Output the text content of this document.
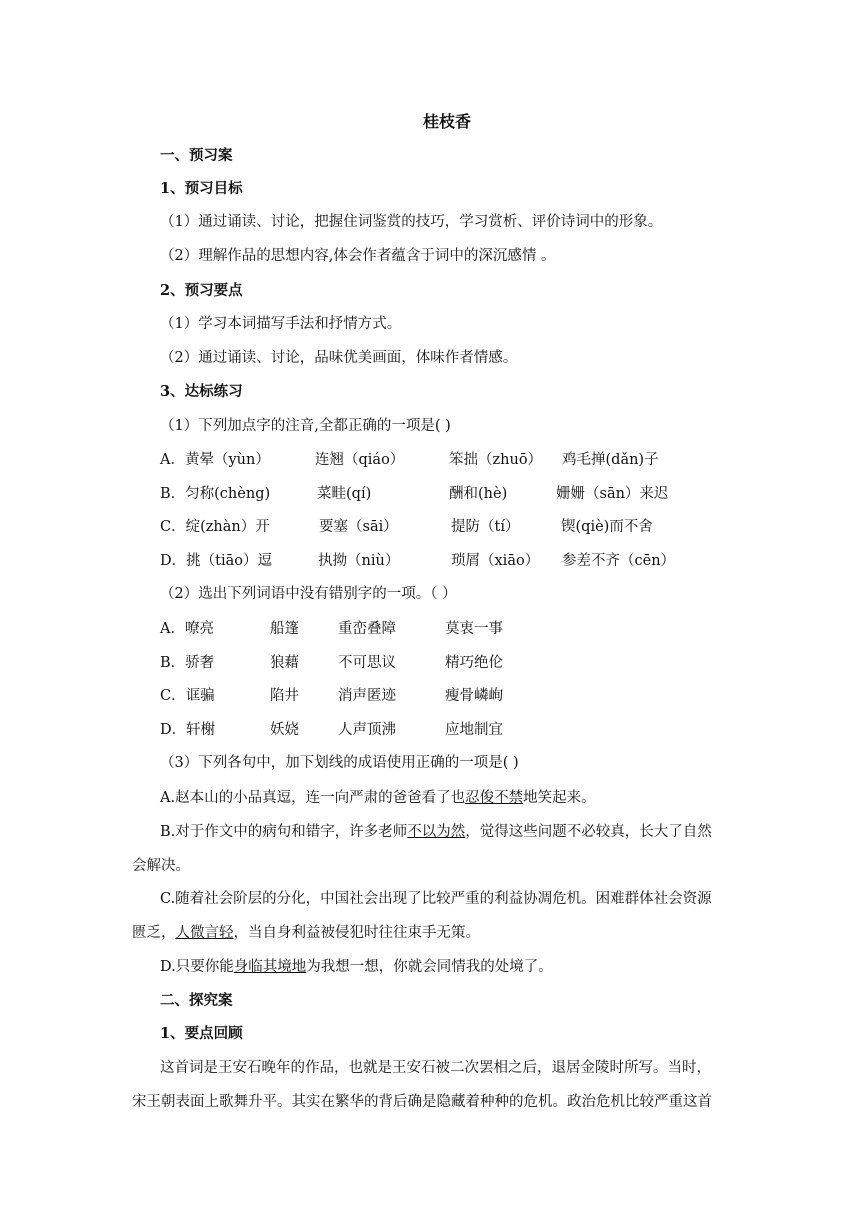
桂枝香
一、预习案
1、预习目标
（1）通过诵读、讨论，把握住词鉴赏的技巧，学习赏析、评价诗词中的形象。
（2）理解作品的思想内容,体会作者蕴含于词中的深沉感情 。
2、预习要点
（1）学习本词描写手法和抒情方式。
（2）通过诵读、讨论，品味优美画面，体味作者情感。
3、达标练习
（1）下列加点字的注音,全都正确的一项是( )
A．黄晕（yùn）	连翘（qiáo）	笨拙（zhuō） 鸡毛掸(dǎn)子
B．匀称(chèng)	菜畦(qí)	酬和(hè)	姗姗（sān）来迟
C．绽(zhàn）开	要塞（sāi）	提防（tí）	锲(qiè)而不舍
D．挑（tiāo）逗	执拗（niù）	琐屑（xiāo） 参差不齐（cēn）
（2）选出下列词语中没有错别字的一项。（ ）
A．嘹亮	船篷	重峦叠障	莫衷一事
B．骄奢	狼藉	不可思议	精巧绝伦
C．诓骗	陷井	消声匿迹	瘦骨嶙峋
D．轩榭	妖娆	人声顶沸	应地制宜
（3）下列各句中，加下划线的成语使用正确的一项是( )
A.赵本山的小品真逗，连一向严肃的爸爸看了也忍俊不禁地笑起来。
B.对于作文中的病句和错字，许多老师不以为然，觉得这些问题不必较真，长大了自然
会解决。
C.随着社会阶层的分化，中国社会出现了比较严重的利益协凋危机。困难群体社会资源
匮乏，人微言轻，当自身利益被侵犯时往往束手无策。
D.只要你能身临其境地为我想一想，你就会同情我的处境了。
二、探究案
1、要点回顾
这首词是王安石晚年的作品，也就是王安石被二次罢相之后，退居金陵时所写。当时，
宋王朝表面上歌舞升平。其实在繁华的背后确是隐藏着种种的危机。政治危机比较严重这首
